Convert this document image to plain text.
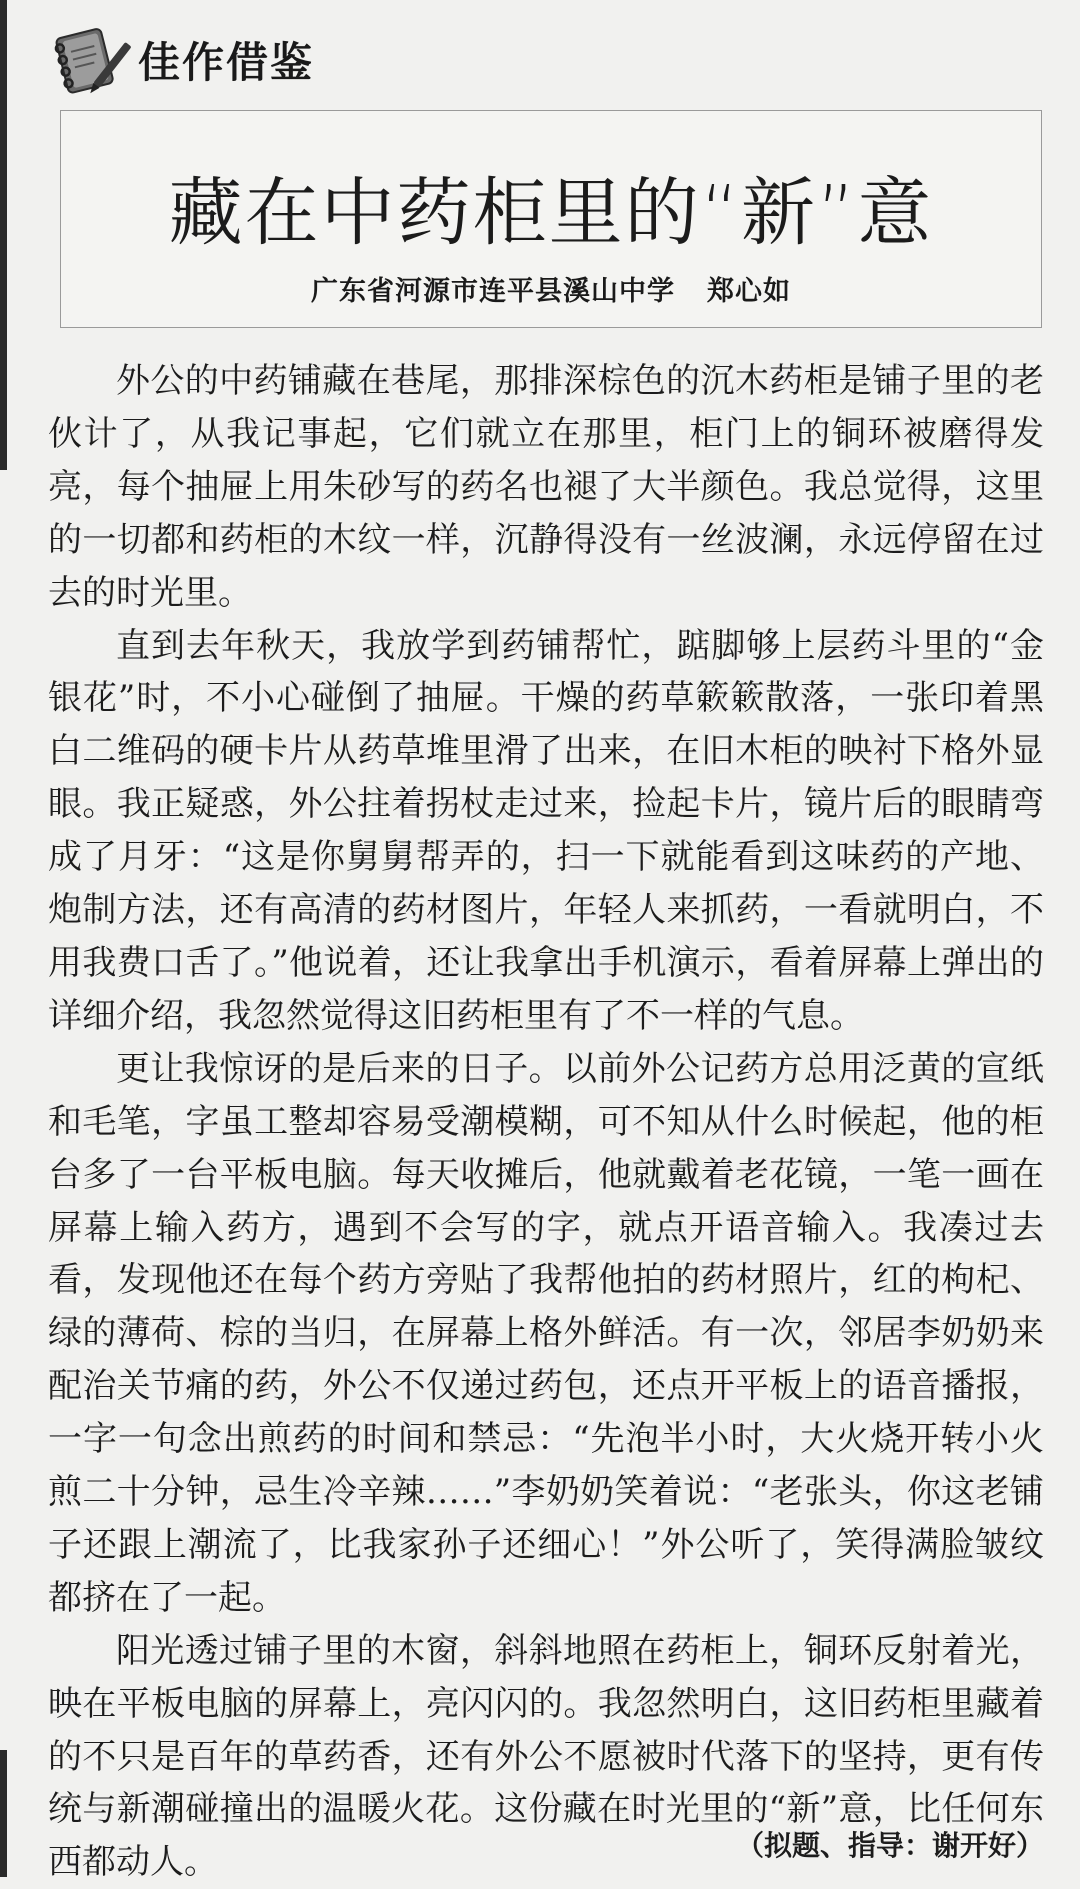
佳作借鉴
藏在中药柜里的“新”意
广东省河源市连平县溪山中学 郑心如

外公的中药铺藏在巷尾，那排深棕色的沉木药柜是铺子里的老伙计了，从我记事起，它们就立在那里，柜门上的铜环被磨得发亮，每个抽屉上用朱砂写的药名也褪了大半颜色。我总觉得，这里的一切都和药柜的木纹一样，沉静得没有一丝波澜，永远停留在过去的时光里。

直到去年秋天，我放学到药铺帮忙，踮脚够上层药斗里的“金银花”时，不小心碰倒了抽屉。干燥的药草簌簌散落，一张印着黑白二维码的硬卡片从药草堆里滑了出来，在旧木柜的映衬下格外显眼。我正疑惑，外公拄着拐杖走过来，捡起卡片，镜片后的眼睛弯成了月牙：“这是你舅舅帮弄的，扫一下就能看到这味药的产地、炮制方法，还有高清的药材图片，年轻人来抓药，一看就明白，不用我费口舌了。”他说着，还让我拿出手机演示，看着屏幕上弹出的详细介绍，我忽然觉得这旧药柜里有了不一样的气息。

更让我惊讶的是后来的日子。以前外公记药方总用泛黄的宣纸和毛笔，字虽工整却容易受潮模糊，可不知从什么时候起，他的柜台多了一台平板电脑。每天收摊后，他就戴着老花镜，一笔一画在屏幕上输入药方，遇到不会写的字，就点开语音输入。我凑过去看，发现他还在每个药方旁贴了我帮他拍的药材照片，红的枸杞、绿的薄荷、棕的当归，在屏幕上格外鲜活。有一次，邻居李奶奶来配治关节痛的药，外公不仅递过药包，还点开平板上的语音播报，一字一句念出煎药的时间和禁忌：“先泡半小时，大火烧开转小火煎二十分钟，忌生冷辛辣……”李奶奶笑着说：“老张头，你这老铺子还跟上潮流了，比我家孙子还细心！”外公听了，笑得满脸皱纹都挤在了一起。

阳光透过铺子里的木窗，斜斜地照在药柜上，铜环反射着光，映在平板电脑的屏幕上，亮闪闪的。我忽然明白，这旧药柜里藏着的不只是百年的草药香，还有外公不愿被时代落下的坚持，更有传统与新潮碰撞出的温暖火花。这份藏在时光里的“新”意，比任何东西都动人。	（拟题、指导：谢开好）
